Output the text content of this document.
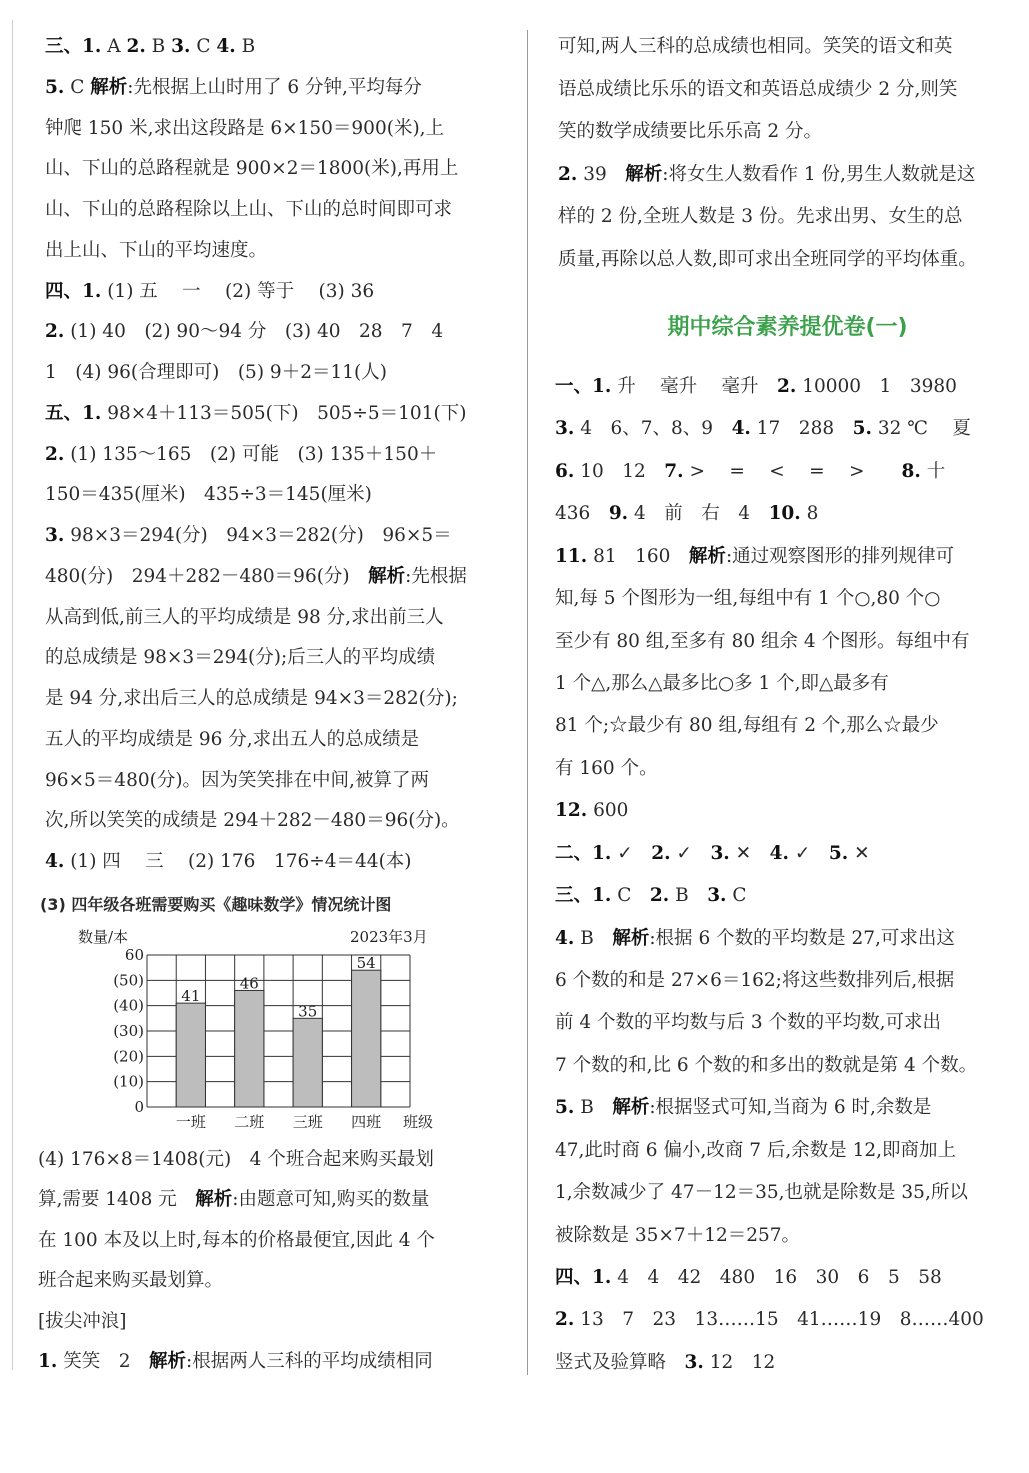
三、1. A 2. B 3. C 4. B
5. C 解析:先根据上山时用了 6 分钟,平均每分
钟爬 150 米,求出这段路是 6×150＝900(米),上
山、下山的总路程就是 900×2＝1800(米),再用上
山、下山的总路程除以上山、下山的总时间即可求
出上山、下山的平均速度。
四、1. (1) 五　 一　 (2) 等于　 (3) 36
2. (1) 40　(2) 90～94 分　(3) 40　28　7　4
1　(4) 96(合理即可)　(5) 9＋2＝11(人)
五、1. 98×4＋113＝505(下)　505÷5＝101(下)
2. (1) 135～165　(2) 可能　(3) 135＋150＋
150＝435(厘米)　435÷3＝145(厘米)
3. 98×3＝294(分)　94×3＝282(分)　96×5＝
480(分)　294＋282－480＝96(分)　解析:先根据
从高到低,前三人的平均成绩是 98 分,求出前三人
的总成绩是 98×3＝294(分);后三人的平均成绩
是 94 分,求出后三人的总成绩是 94×3＝282(分);
五人的平均成绩是 96 分,求出五人的总成绩是
96×5＝480(分)。因为笑笑排在中间,被算了两
次,所以笑笑的成绩是 294＋282－480＝96(分)。
4. (1) 四　 三　 (2) 176　176÷4＝44(本)
(4) 176×8＝1408(元)　4 个班合起来购买最划
算,需要 1408 元　解析:由题意可知,购买的数量
在 100 本及以上时,每本的价格最便宜,因此 4 个
班合起来购买最划算。
[拔尖冲浪]
1. 笑笑　2　解析:根据两人三科的平均成绩相同
可知,两人三科的总成绩也相同。笑笑的语文和英
语总成绩比乐乐的语文和英语总成绩少 2 分,则笑
笑的数学成绩要比乐乐高 2 分。
2. 39　解析:将女生人数看作 1 份,男生人数就是这
样的 2 份,全班人数是 3 份。先求出男、女生的总
质量,再除以总人数,即可求出全班同学的平均体重。
一、1. 升　 毫升　 毫升　2. 10000　1　3980
3. 4　6、7、8、9　4. 17　288　5. 32 ℃　 夏
6. 10　12　7. >　 =　 <　 =　 >　　8. 十
436　9. 4　前　右　4　10. 8
11. 81　160　解析:通过观察图形的排列规律可
知,每 5 个图形为一组,每组中有 1 个○,80 个○
至少有 80 组,至多有 80 组余 4 个图形。每组中有
1 个△,那么△最多比○多 1 个,即△最多有
81 个;☆最少有 80 组,每组有 2 个,那么☆最少
有 160 个。
12. 600
二、1. ✓　2. ✓　3. ✕　4. ✓　5. ✕
三、1. C　2. B　3. C
4. B　解析:根据 6 个数的平均数是 27,可求出这
6 个数的和是 27×6＝162;将这些数排列后,根据
前 4 个数的平均数与后 3 个数的平均数,可求出
7 个数的和,比 6 个数的和多出的数就是第 4 个数。
5. B　解析:根据竖式可知,当商为 6 时,余数是
47,此时商 6 偏小,改商 7 后,余数是 12,即商加上
1,余数减少了 47－12＝35,也就是除数是 35,所以
被除数是 35×7＋12＝257。
四、1. 4　4　42　480　16　30　6　5　58
2. 13　7　23　13……15　41……19　8……400
竖式及验算略　3. 12　12
期中综合素养提优卷(一)
(3) 四年级各班需要购买《趣味数学》情况统计图
0
(10)
(20)
(30)
(40)
(50)
60
数量/本	2023年3月
41
一班
46
二班
35
三班
54
四班 班级
